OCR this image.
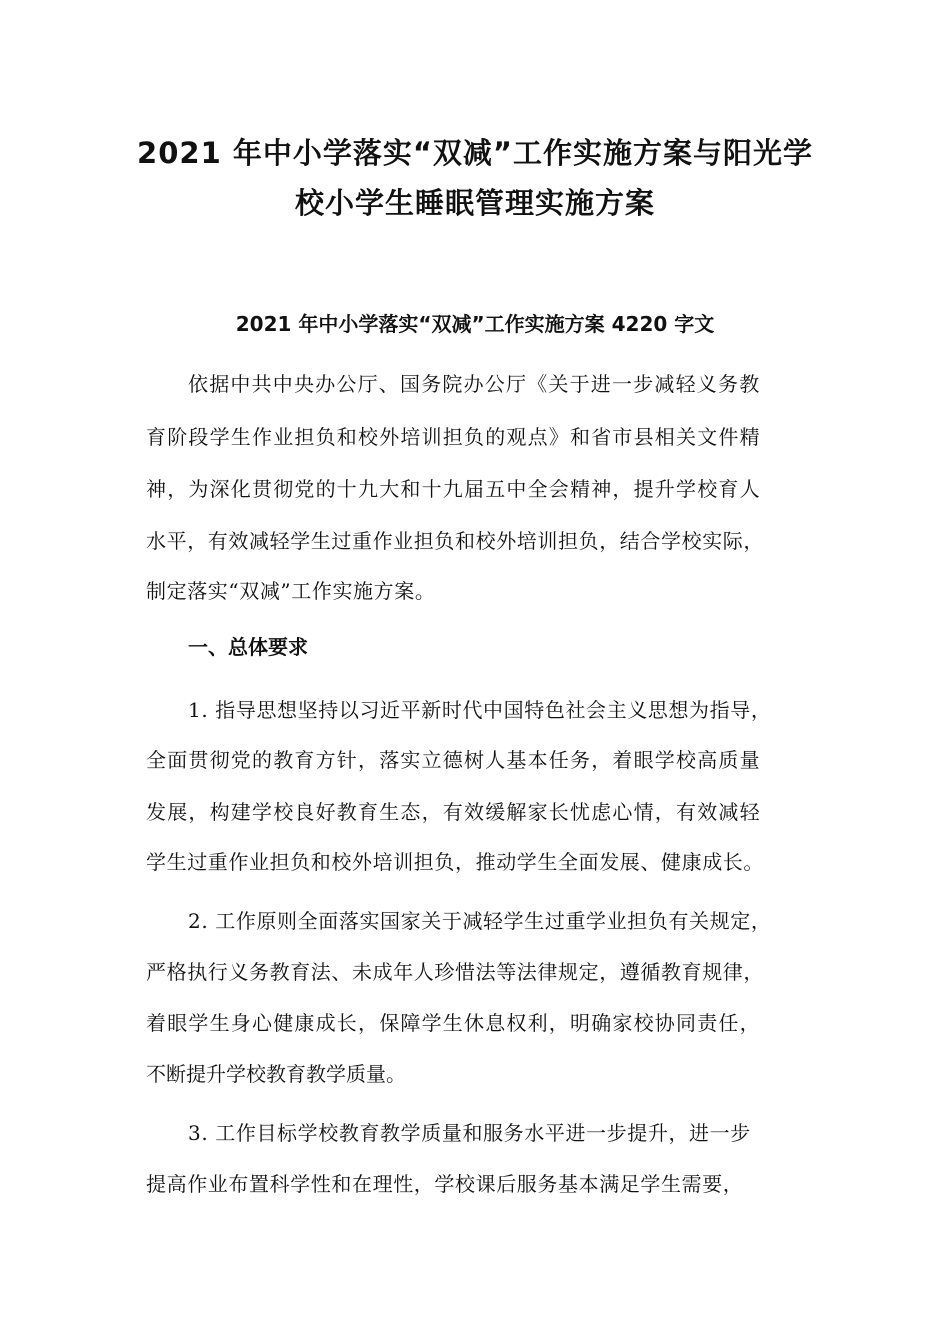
2021 年中小学落实“双减”工作实施方案与阳光学
校小学生睡眠管理实施方案
2021 年中小学落实“双减”工作实施方案 4220 字文
依据中共中央办公厅、国务院办公厅《关于进一步减轻义务教
育阶段学生作业担负和校外培训担负的观点》和省市县相关文件精
神，为深化贯彻党的十九大和十九届五中全会精神，提升学校育人
水平，有效减轻学生过重作业担负和校外培训担负，结合学校实际，
制定落实“双减”工作实施方案。
一、总体要求
1. 指导思想坚持以习近平新时代中国特色社会主义思想为指导，
全面贯彻党的教育方针，落实立德树人基本任务，着眼学校高质量
发展，构建学校良好教育生态，有效缓解家长忧虑心情，有效减轻
学生过重作业担负和校外培训担负，推动学生全面发展、健康成长。
2. 工作原则全面落实国家关于减轻学生过重学业担负有关规定，
严格执行义务教育法、未成年人珍惜法等法律规定，遵循教育规律，
着眼学生身心健康成长，保障学生休息权利，明确家校协同责任，
不断提升学校教育教学质量。
3. 工作目标学校教育教学质量和服务水平进一步提升，进一步
提高作业布置科学性和在理性，学校课后服务基本满足学生需要，
